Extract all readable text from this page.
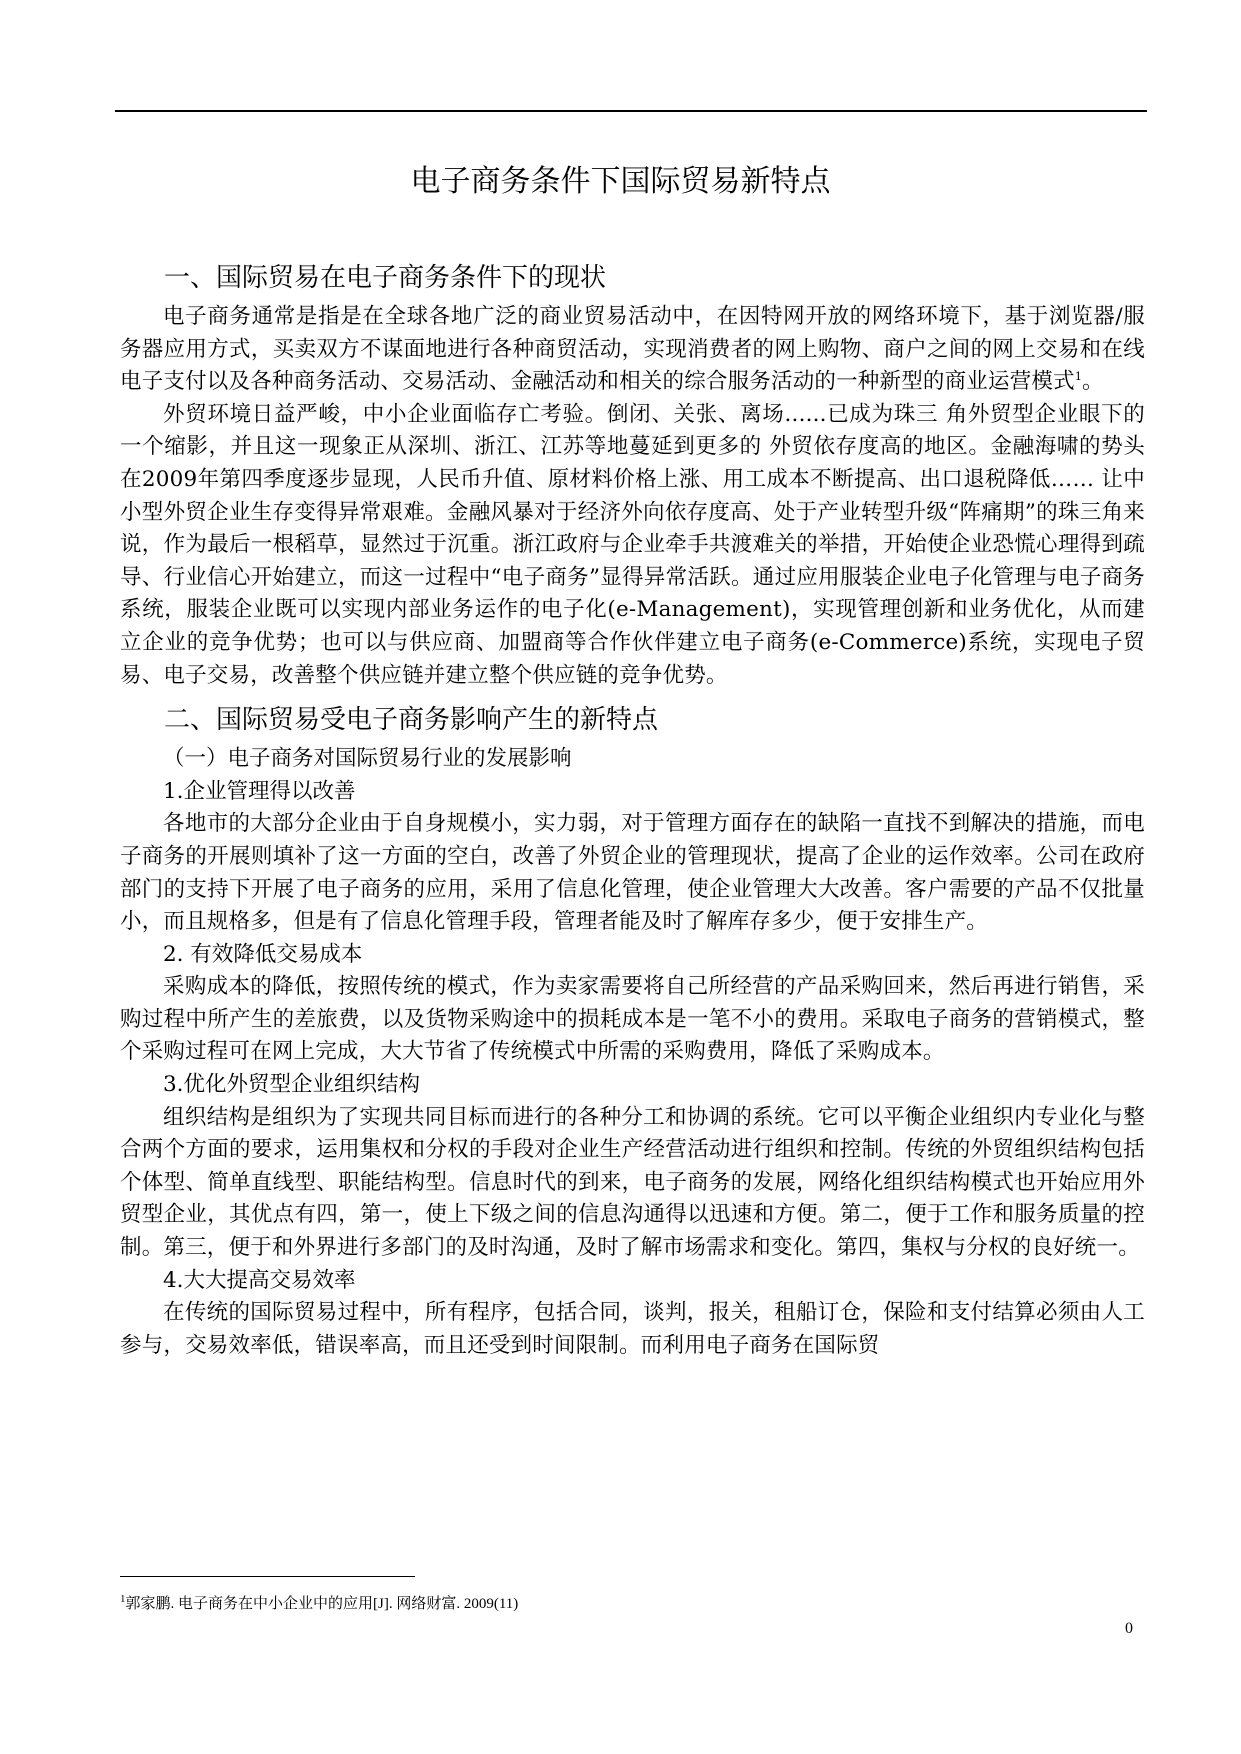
电子商务条件下国际贸易新特点
一、国际贸易在电子商务条件下的现状

电子商务通常是指是在全球各地广泛的商业贸易活动中，在因特网开放的网络环境下，基于浏览器/服务器应用方式，买卖双方不谋面地进行各种商贸活动，实现消费者的网上购物、商户之间的网上交易和在线电子支付以及各种商务活动、交易活动、金融活动和相关的综合服务活动的一种新型的商业运营模式$^1$。

外贸环境日益严峻，中小企业面临存亡考验。倒闭、关张、离场......已成为珠三 角外贸型企业眼下的一个缩影，并且这一现象正从深圳、浙江、江苏等地蔓延到更多的 外贸依存度高的地区。金融海啸的势头在2009年第四季度逐步显现，人民币升值、原材料价格上涨、用工成本不断提高、出口退税降低…… 让中小型外贸企业生存变得异常艰难。金融风暴对于经济外向依存度高、处于产业转型升级“阵痛期”的珠三角来说，作为最后一根稻草，显然过于沉重。浙江政府与企业牵手共渡难关的举措，开始使企业恐慌心理得到疏导、行业信心开始建立，而这一过程中“电子商务”显得异常活跃。通过应用服装企业电子化管理与电子商务系统，服装企业既可以实现内部业务运作的电子化(e-Management)，实现管理创新和业务优化，从而建立企业的竞争优势；也可以与供应商、加盟商等合作伙伴建立电子商务(e-Commerce)系统，实现电子贸易、电子交易，改善整个供应链并建立整个供应链的竞争优势。

二、国际贸易受电子商务影响产生的新特点

（一）电子商务对国际贸易行业的发展影响

1.企业管理得以改善

各地市的大部分企业由于自身规模小，实力弱，对于管理方面存在的缺陷一直找不到解决的措施，而电子商务的开展则填补了这一方面的空白，改善了外贸企业的管理现状，提高了企业的运作效率。公司在政府部门的支持下开展了电子商务的应用，采用了信息化管理，使企业管理大大改善。客户需要的产品不仅批量小，而且规格多，但是有了信息化管理手段，管理者能及时了解库存多少，便于安排生产。

2. 有效降低交易成本

采购成本的降低，按照传统的模式，作为卖家需要将自己所经营的产品采购回来，然后再进行销售，采购过程中所产生的差旅费，以及货物采购途中的损耗成本是一笔不小的费用。采取电子商务的营销模式，整个采购过程可在网上完成，大大节省了传统模式中所需的采购费用，降低了采购成本。

3.优化外贸型企业组织结构

组织结构是组织为了实现共同目标而进行的各种分工和协调的系统。它可以平衡企业组织内专业化与整合两个方面的要求，运用集权和分权的手段对企业生产经营活动进行组织和控制。传统的外贸组织结构包括个体型、简单直线型、职能结构型。信息时代的到来，电子商务的发展，网络化组织结构模式也开始应用外贸型企业，其优点有四，第一，使上下级之间的信息沟通得以迅速和方便。第二，便于工作和服务质量的控制。第三，便于和外界进行多部门的及时沟通，及时了解市场需求和变化。第四，集权与分权的良好统一。

4.大大提高交易效率

在传统的国际贸易过程中，所有程序，包括合同，谈判，报关，租船订仓，保险和支付结算必须由人工参与，交易效率低，错误率高，而且还受到时间限制。而利用电子商务在国际贸

$^1$郭家鹏. 电子商务在中小企业中的应用[J]. 网络财富. 2009(11)

0
